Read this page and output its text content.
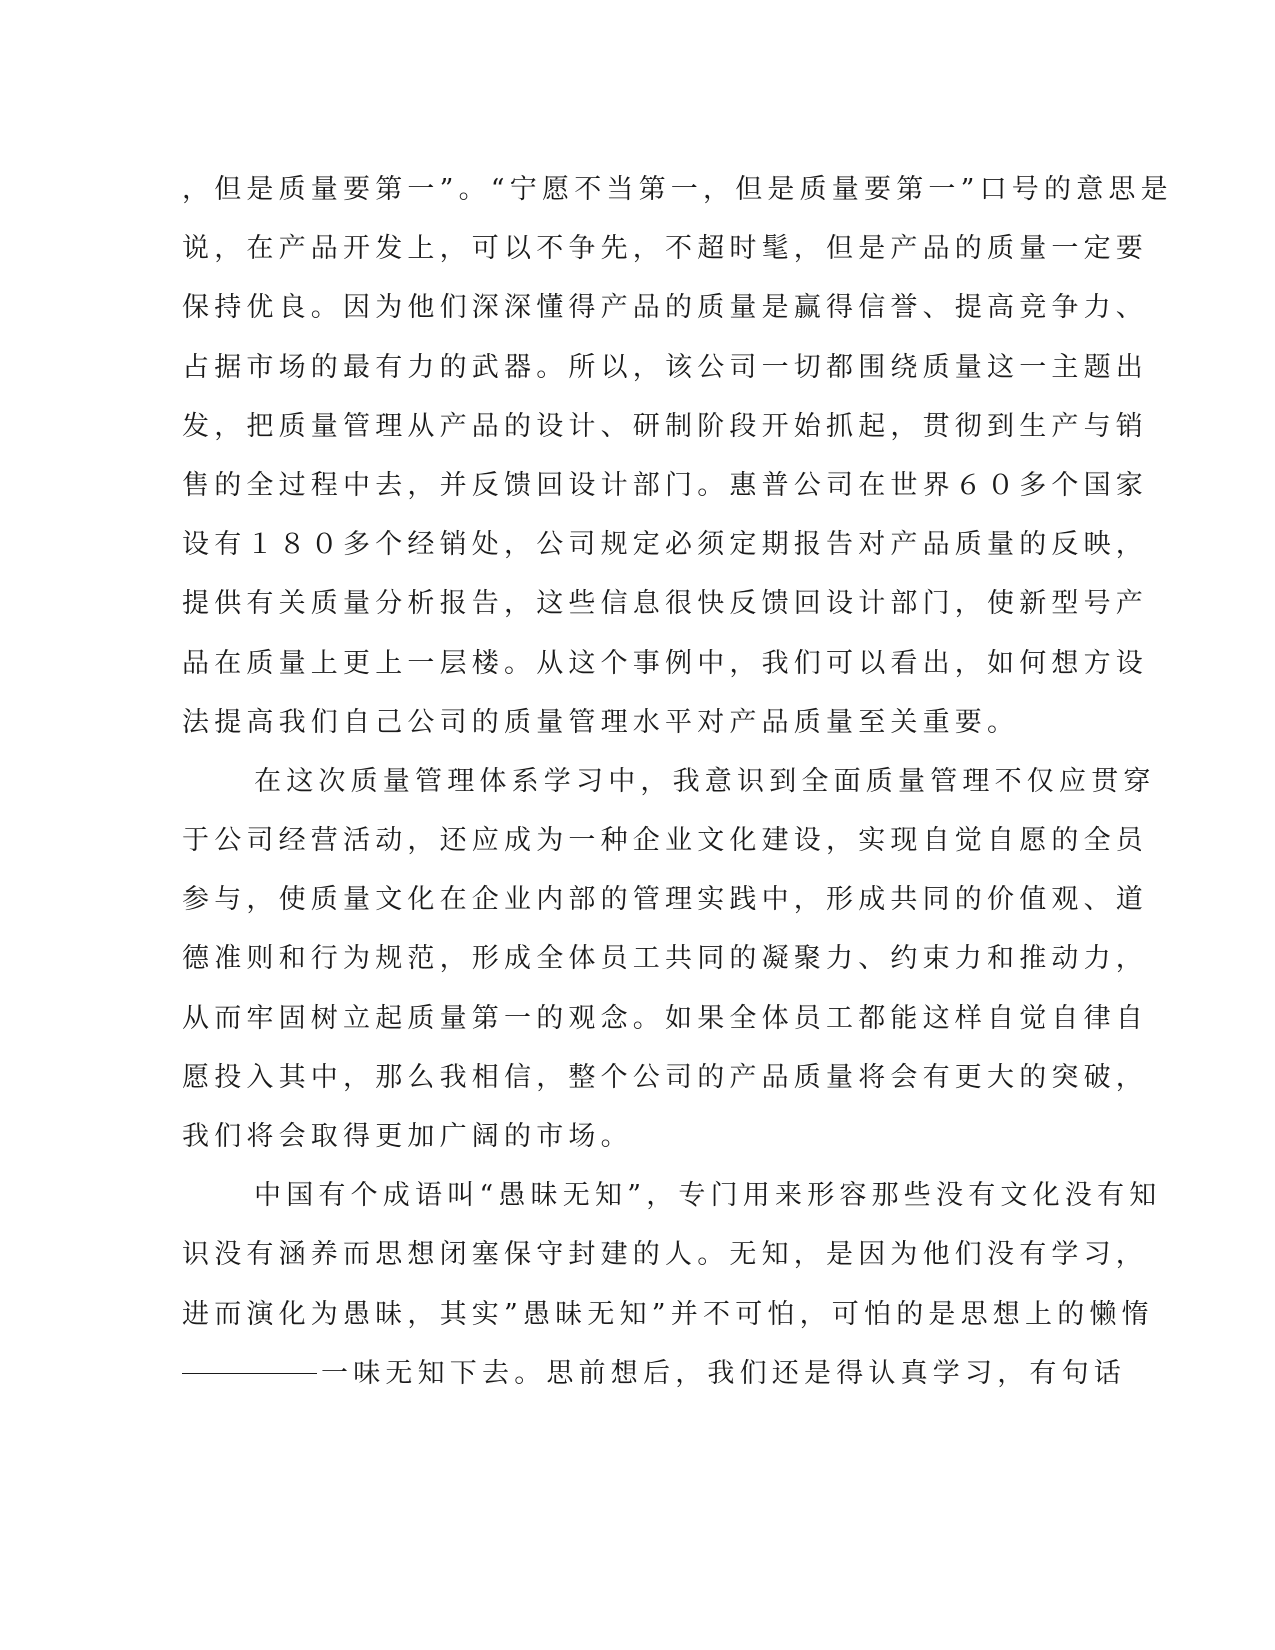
，但是质量要第一”。“宁愿不当第一，但是质量要第一”口号的意思是
说，在产品开发上，可以不争先，不超时髦，但是产品的质量一定要
保持优良。因为他们深深懂得产品的质量是赢得信誉、提高竞争力、
占据市场的最有力的武器。所以，该公司一切都围绕质量这一主题出
发，把质量管理从产品的设计、研制阶段开始抓起，贯彻到生产与销
售的全过程中去，并反馈回设计部门。惠普公司在世界６０多个国家
设有１８０多个经销处，公司规定必须定期报告对产品质量的反映，
提供有关质量分析报告，这些信息很快反馈回设计部门，使新型号产
品在质量上更上一层楼。从这个事例中，我们可以看出，如何想方设
法提高我们自己公司的质量管理水平对产品质量至关重要。
在这次质量管理体系学习中，我意识到全面质量管理不仅应贯穿
于公司经营活动，还应成为一种企业文化建设，实现自觉自愿的全员
参与，使质量文化在企业内部的管理实践中，形成共同的价值观、道
德准则和行为规范，形成全体员工共同的凝聚力、约束力和推动力，
从而牢固树立起质量第一的观念。如果全体员工都能这样自觉自律自
愿投入其中，那么我相信，整个公司的产品质量将会有更大的突破，
我们将会取得更加广阔的市场。
中国有个成语叫“愚昧无知”，专门用来形容那些没有文化没有知
识没有涵养而思想闭塞保守封建的人。无知，是因为他们没有学习，
进而演化为愚昧，其实”愚昧无知”并不可怕，可怕的是思想上的懒惰
一味无知下去。思前想后，我们还是得认真学习，有句话
